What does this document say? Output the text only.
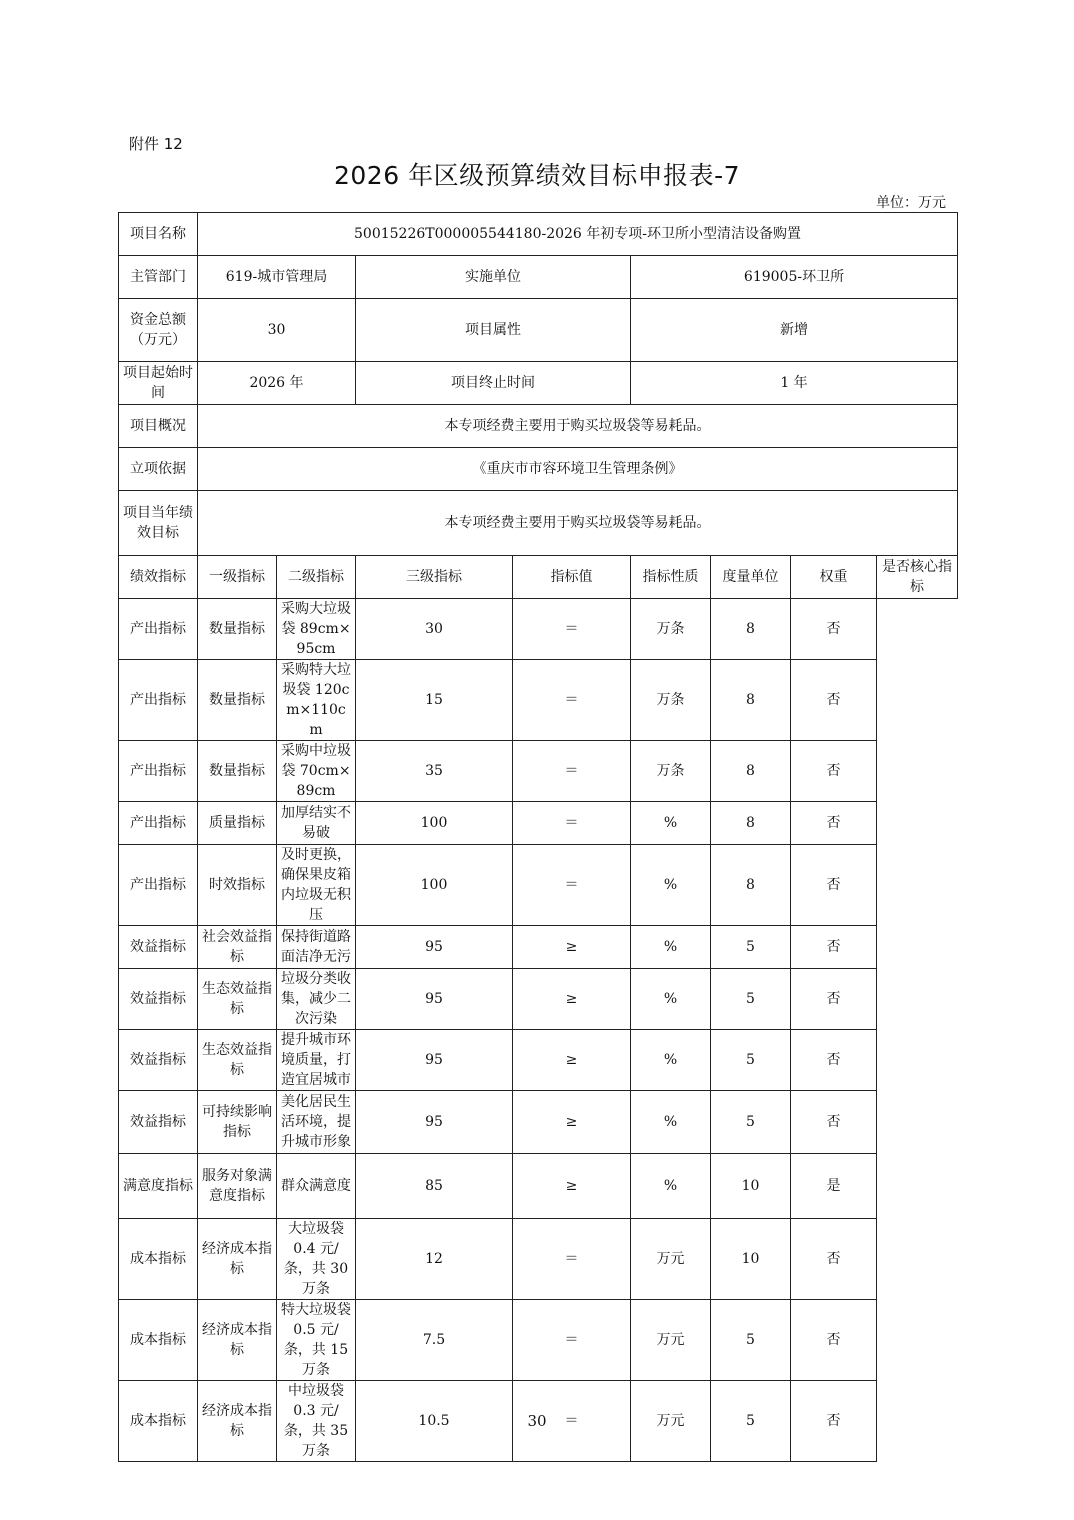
附件 12
2026 年区级预算绩效目标申报表-7
单位：万元
项目名称	50015226T000005544180-2026 年初专项-环卫所小型清洁设备购置							
主管部门	619-城市管理局		实施单位		619005-环卫所			
资金总额（万元）	30		项目属性		新增			
项目起始时间	2026 年		项目终止时间		1 年			
项目概况	本专项经费主要用于购买垃圾袋等易耗品。							
立项依据	《重庆市市容环境卫生管理条例》							
项目当年绩效目标	本专项经费主要用于购买垃圾袋等易耗品。							
绩效指标	一级指标	二级指标	三级指标	指标值	指标性质	度量单位	权重	是否核心指标
产出指标	数量指标	采购大垃圾袋 89cm×95cm	30	＝	万条	8	否	
产出指标	数量指标	采购特大垃圾袋 120cm×110cm	15	＝	万条	8	否	
产出指标	数量指标	采购中垃圾袋 70cm×89cm	35	＝	万条	8	否	
产出指标	质量指标	加厚结实不易破	100	＝	%	8	否	
产出指标	时效指标	及时更换，确保果皮箱内垃圾无积压	100	＝	%	8	否	
效益指标	社会效益指标	保持街道路面洁净无污	95	≥	%	5	否	
效益指标	生态效益指标	垃圾分类收集，减少二次污染	95	≥	%	5	否	
效益指标	生态效益指标	提升城市环境质量，打造宜居城市	95	≥	%	5	否	
效益指标	可持续影响指标	美化居民生活环境，提升城市形象	95	≥	%	5	否	
满意度指标	服务对象满意度指标	群众满意度	85	≥	%	10	是	
成本指标	经济成本指标	大垃圾袋 0.4 元/条，共 30 万条	12	＝	万元	10	否	
成本指标	经济成本指标	特大垃圾袋 0.5 元/条，共 15 万条	7.5	＝	万元	5	否	
成本指标	经济成本指标	中垃圾袋 0.3 元/条，共 35 万条	10.5	＝	万元	5	否	
30
